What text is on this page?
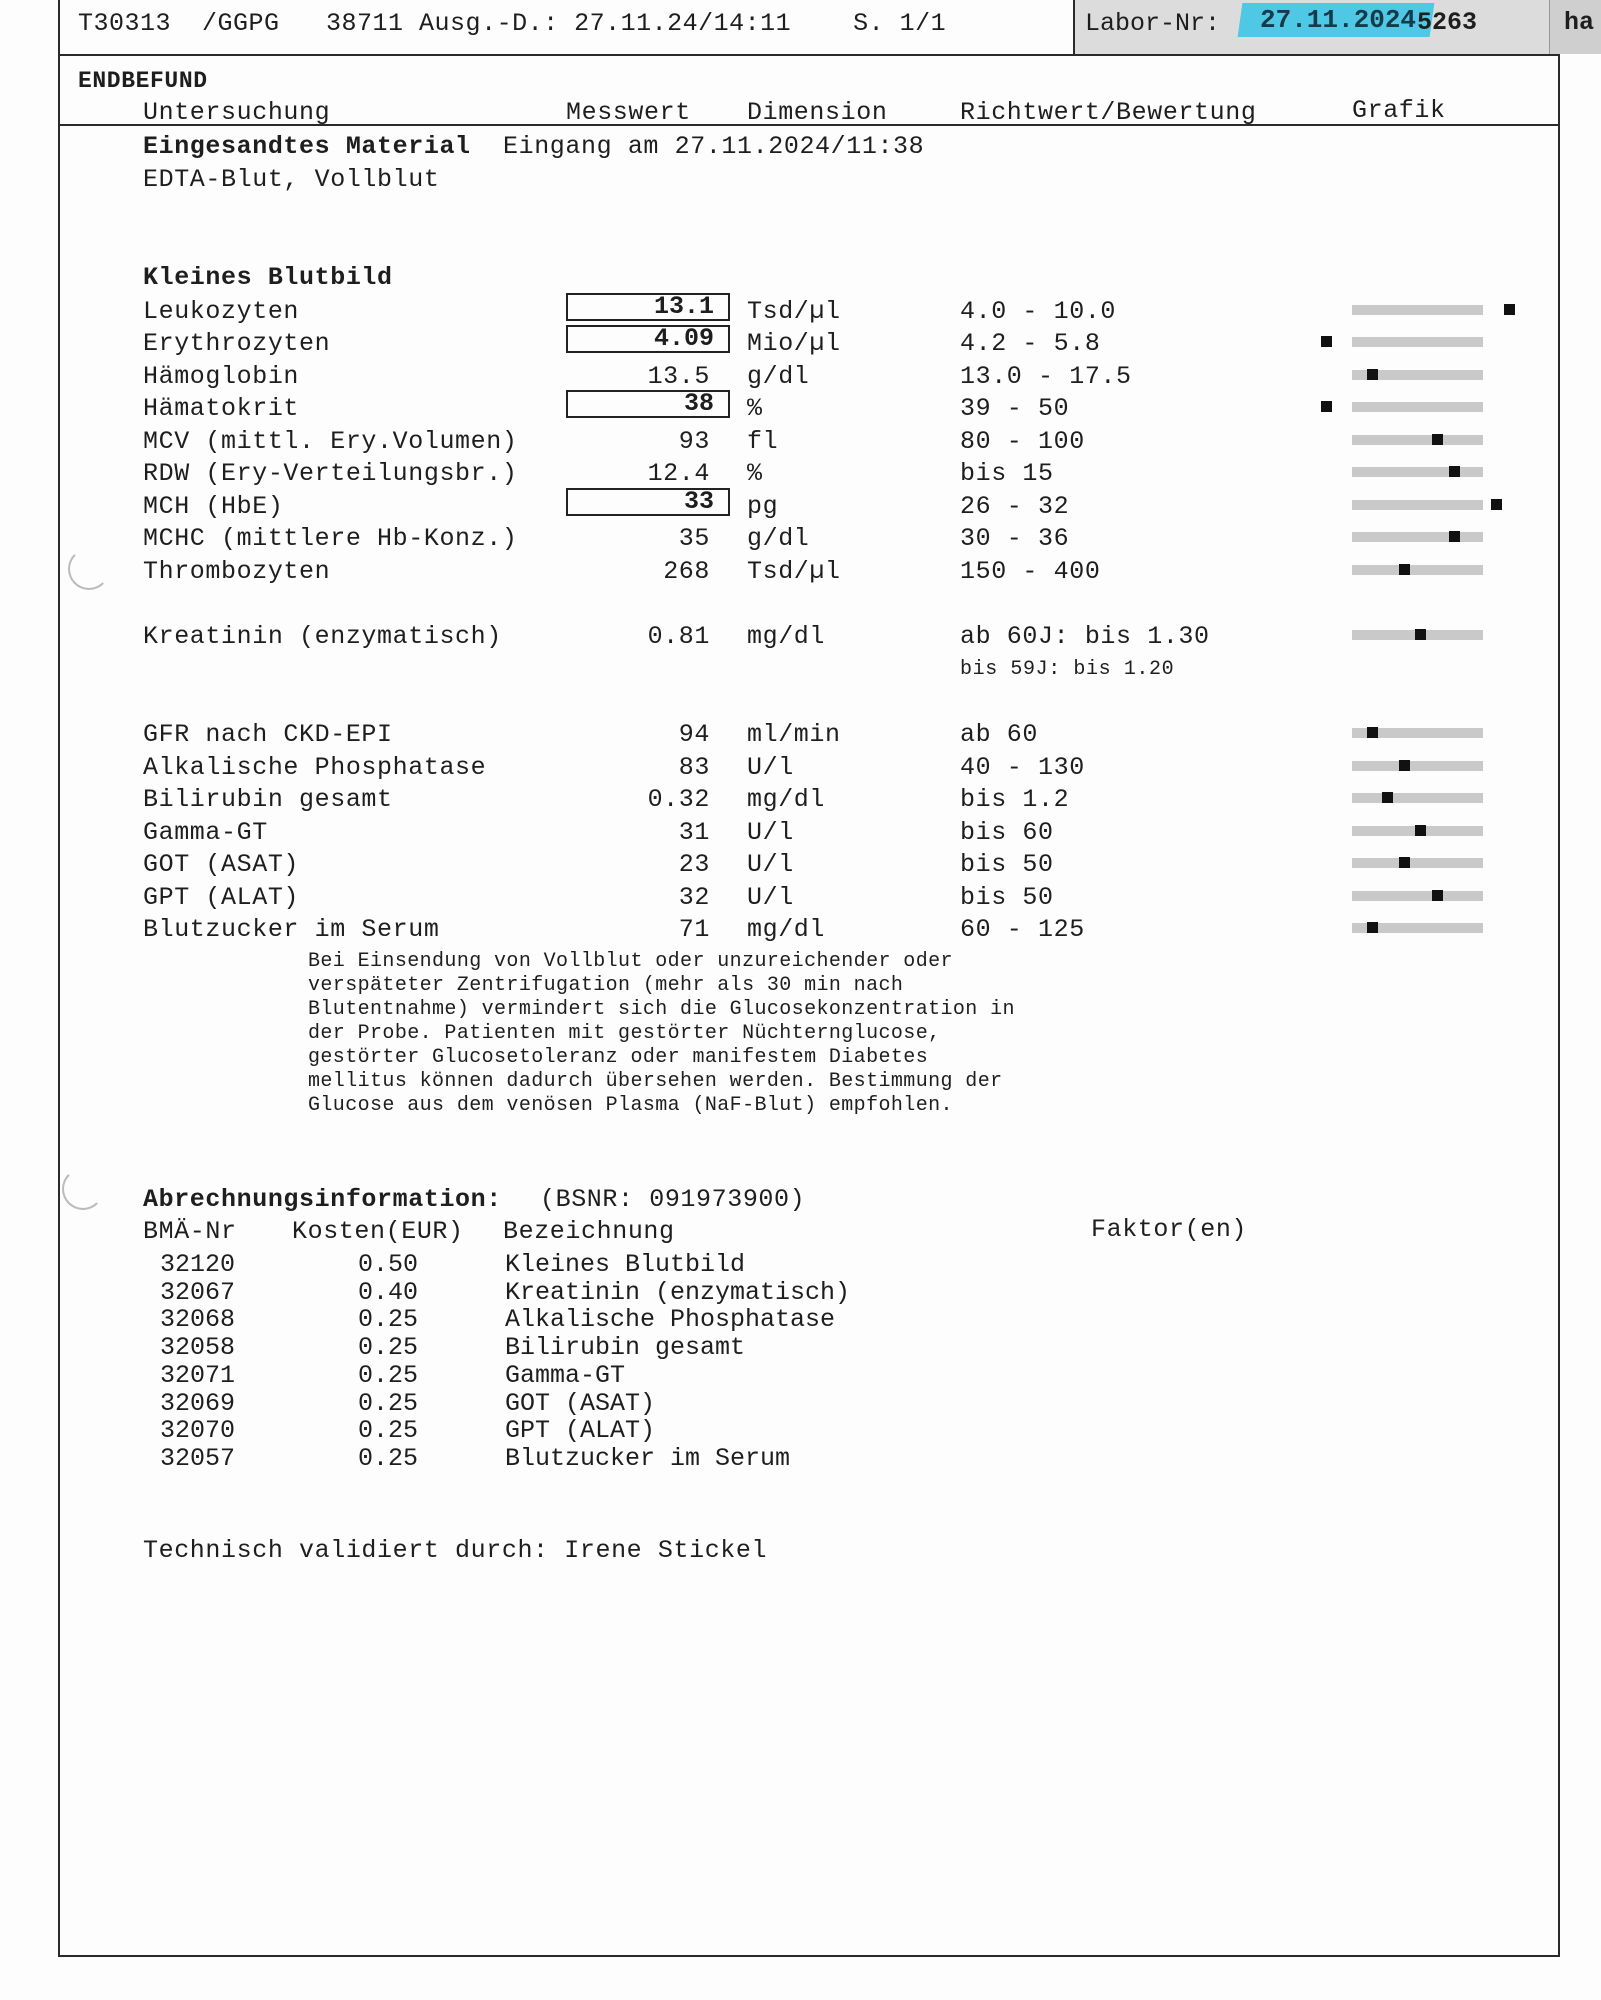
T30313  /GGPG   38711 Ausg.-D.: 27.11.24/14:11    S. 1/1	Labor-Nr:	27.11.2024 5263	ha
ENDBEFUND
Untersuchung	Messwert Dimension	Richtwert/Bewertung	Grafik
Eingesandtes Material Eingang am 27.11.2024/11:38
EDTA-Blut, Vollblut
Kleines Blutbild
Leukozyten	13.1	Tsd/µl	4.0 - 10.0
Erythrozyten	4.09	Mio/µl	4.2 - 5.8
Hämoglobin	13.5 g/dl	13.0 - 17.5
Hämatokrit	38	%	39 - 50
MCV (mittl. Ery.Volumen)	93 fl	80 - 100
RDW (Ery-Verteilungsbr.)	12.4 %	bis 15
MCH (HbE)	33	pg	26 - 32
MCHC (mittlere Hb-Konz.)	35 g/dl	30 - 36
Thrombozyten	268 Tsd/µl	150 - 400
Kreatinin (enzymatisch)	0.81 mg/dl	ab 60J: bis 1.30
bis 59J: bis 1.20
GFR nach CKD-EPI	94 ml/min	ab 60
Alkalische Phosphatase	83 U/l	40 - 130
Bilirubin gesamt	0.32 mg/dl	bis 1.2
Gamma-GT	31 U/l	bis 60
GOT (ASAT)	23 U/l	bis 50
GPT (ALAT)	32 U/l	bis 50
Blutzucker im Serum	71 mg/dl	60 - 125
Bei Einsendung von Vollblut oder unzureichender oder
verspäteter Zentrifugation (mehr als 30 min nach
Blutentnahme) vermindert sich die Glucosekonzentration in
der Probe. Patienten mit gestörter Nüchternglucose,
gestörter Glucosetoleranz oder manifestem Diabetes
mellitus können dadurch übersehen werden. Bestimmung der
Glucose aus dem venösen Plasma (NaF-Blut) empfohlen.
Abrechnungsinformation: (BSNR: 091973900)
BMÄ-Nr Kosten(EUR) Bezeichnung	Faktor(en)
32120	0.50	Kleines Blutbild
32067	0.40	Kreatinin (enzymatisch)
32068	0.25	Alkalische Phosphatase
32058	0.25	Bilirubin gesamt
32071	0.25	Gamma-GT
32069	0.25	GOT (ASAT)
32070	0.25	GPT (ALAT)
32057	0.25	Blutzucker im Serum
Technisch validiert durch: Irene Stickel
